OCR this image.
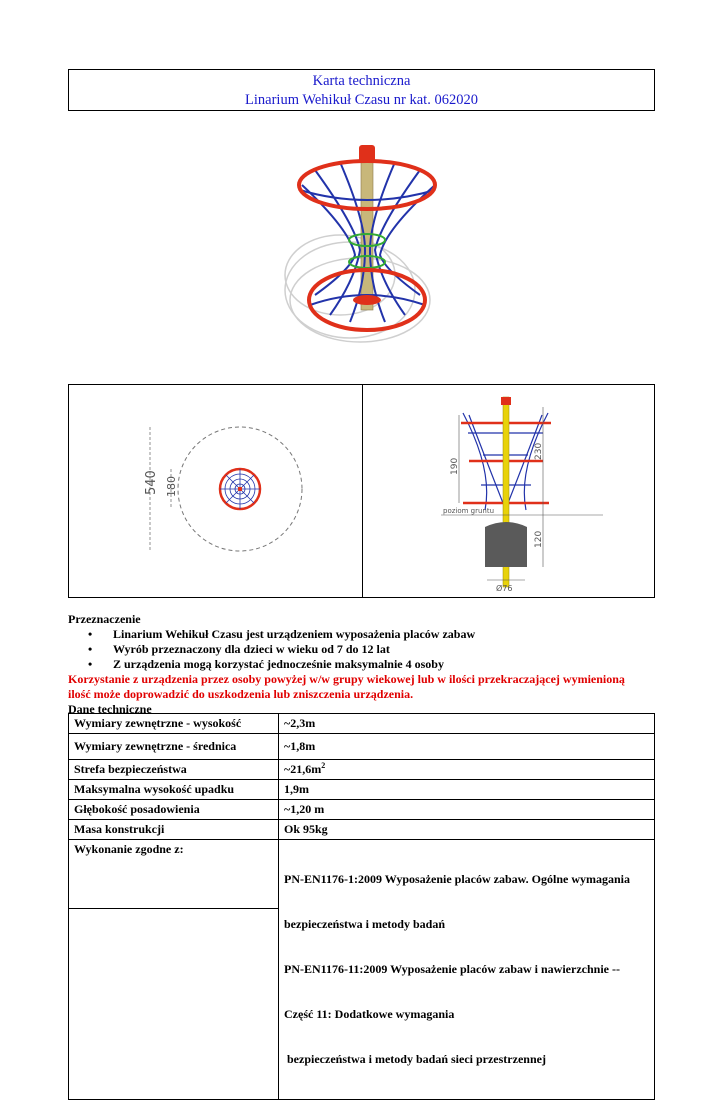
Karta techniczna
Linarium Wehikuł Czasu nr kat. 062020
540 180
poziom gruntu
190
230
120
Ø76

Przeznaczenie

• Linarium Wehikuł Czasu jest urządzeniem wyposażenia placów zabaw
• Wyrób przeznaczony dla dzieci w wieku od 7 do 12 lat
• Z urządzenia mogą korzystać jednocześnie maksymalnie 4 osoby

Korzystanie z urządzenia przez osoby powyżej w/w grupy wiekowej lub w ilości przekraczającej wymienioną

ilość może doprowadzić do uszkodzenia lub zniszczenia urządzenia.

Dane techniczne

Wymiary zewnętrzne - wysokość	~2,3m
Wymiary zewnętrzne - średnica	~1,8m
Strefa bezpieczeństwa	$\sim 21,6m^2$
Maksymalna wysokość upadku	1,9m
Głębokość posadowienia	~1,20 m
Masa konstrukcji	Ok 95kg
Wykonanie zgodne z:	PN-EN1176-1:2009 Wyposażenie placów zabaw. Ogólne wymagania

bezpieczeństwa i metody badań

PN-EN1176-11:2009 Wyposażenie placów zabaw i nawierzchnie --

Część 11: Dodatkowe wymagania

bezpieczeństwa i metody badań sieci przestrzennej
